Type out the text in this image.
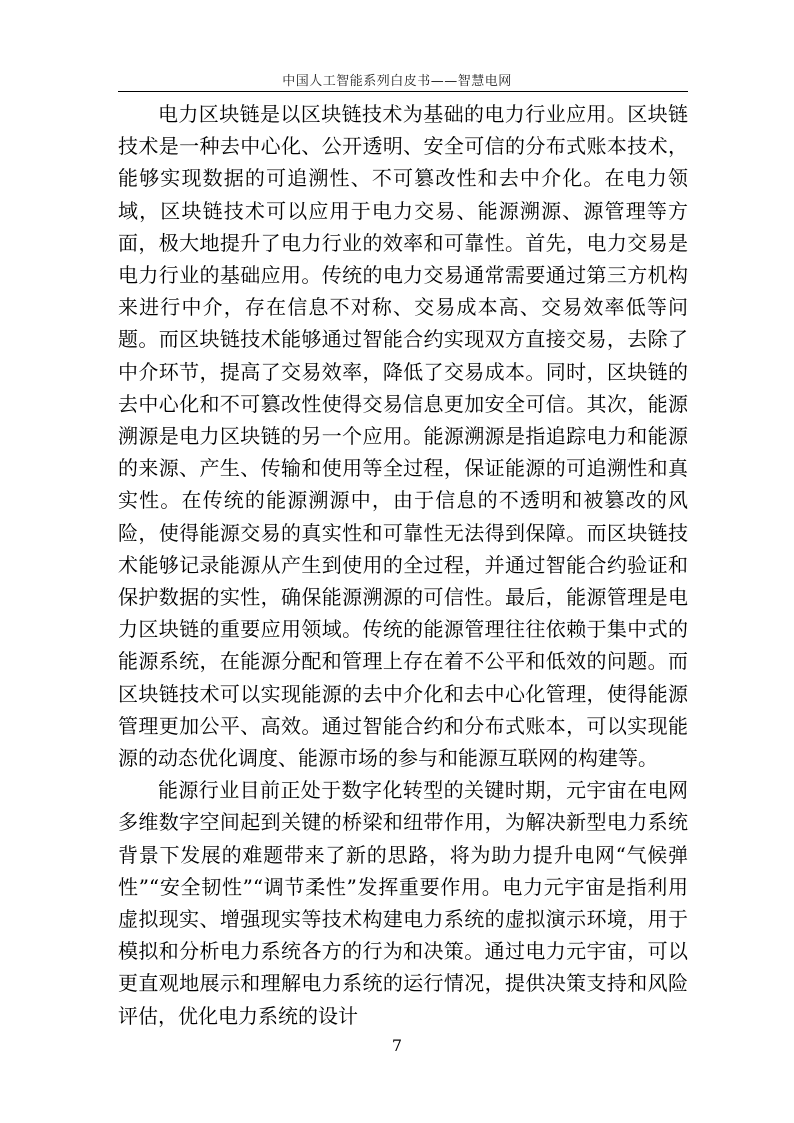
中国人工智能系列白皮书——智慧电网

电力区块链是以区块链技术为基础的电力行业应用。区块链技术是一种去中心化、公开透明、安全可信的分布式账本技术，能够实现数据的可追溯性、不可篡改性和去中介化。在电力领域，区块链技术可以应用于电力交易、能源溯源、源管理等方面，极大地提升了电力行业的效率和可靠性。首先，电力交易是电力行业的基础应用。传统的电力交易通常需要通过第三方机构来进行中介，存在信息不对称、交易成本高、交易效率低等问题。而区块链技术能够通过智能合约实现双方直接交易，去除了中介环节，提高了交易效率，降低了交易成本。同时，区块链的去中心化和不可篡改性使得交易信息更加安全可信。其次，能源溯源是电力区块链的另一个应用。能源溯源是指追踪电力和能源的来源、产生、传输和使用等全过程，保证能源的可追溯性和真实性。在传统的能源溯源中，由于信息的不透明和被篡改的风险，使得能源交易的真实性和可靠性无法得到保障。而区块链技术能够记录能源从产生到使用的全过程，并通过智能合约验证和保护数据的实性，确保能源溯源的可信性。最后，能源管理是电力区块链的重要应用领域。传统的能源管理往往依赖于集中式的能源系统，在能源分配和管理上存在着不公平和低效的问题。而区块链技术可以实现能源的去中介化和去中心化管理，使得能源管理更加公平、高效。通过智能合约和分布式账本，可以实现能源的动态优化调度、能源市场的参与和能源互联网的构建等。

能源行业目前正处于数字化转型的关键时期，元宇宙在电网多维数字空间起到关键的桥梁和纽带作用，为解决新型电力系统背景下发展的难题带来了新的思路，将为助力提升电网“气候弹性”“安全韧性”“调节柔性”发挥重要作用。电力元宇宙是指利用虚拟现实、增强现实等技术构建电力系统的虚拟演示环境，用于模拟和分析电力系统各方的行为和决策。通过电力元宇宙，可以更直观地展示和理解电力系统的运行情况，提供决策支持和风险评估，优化电力系统的设计

7
